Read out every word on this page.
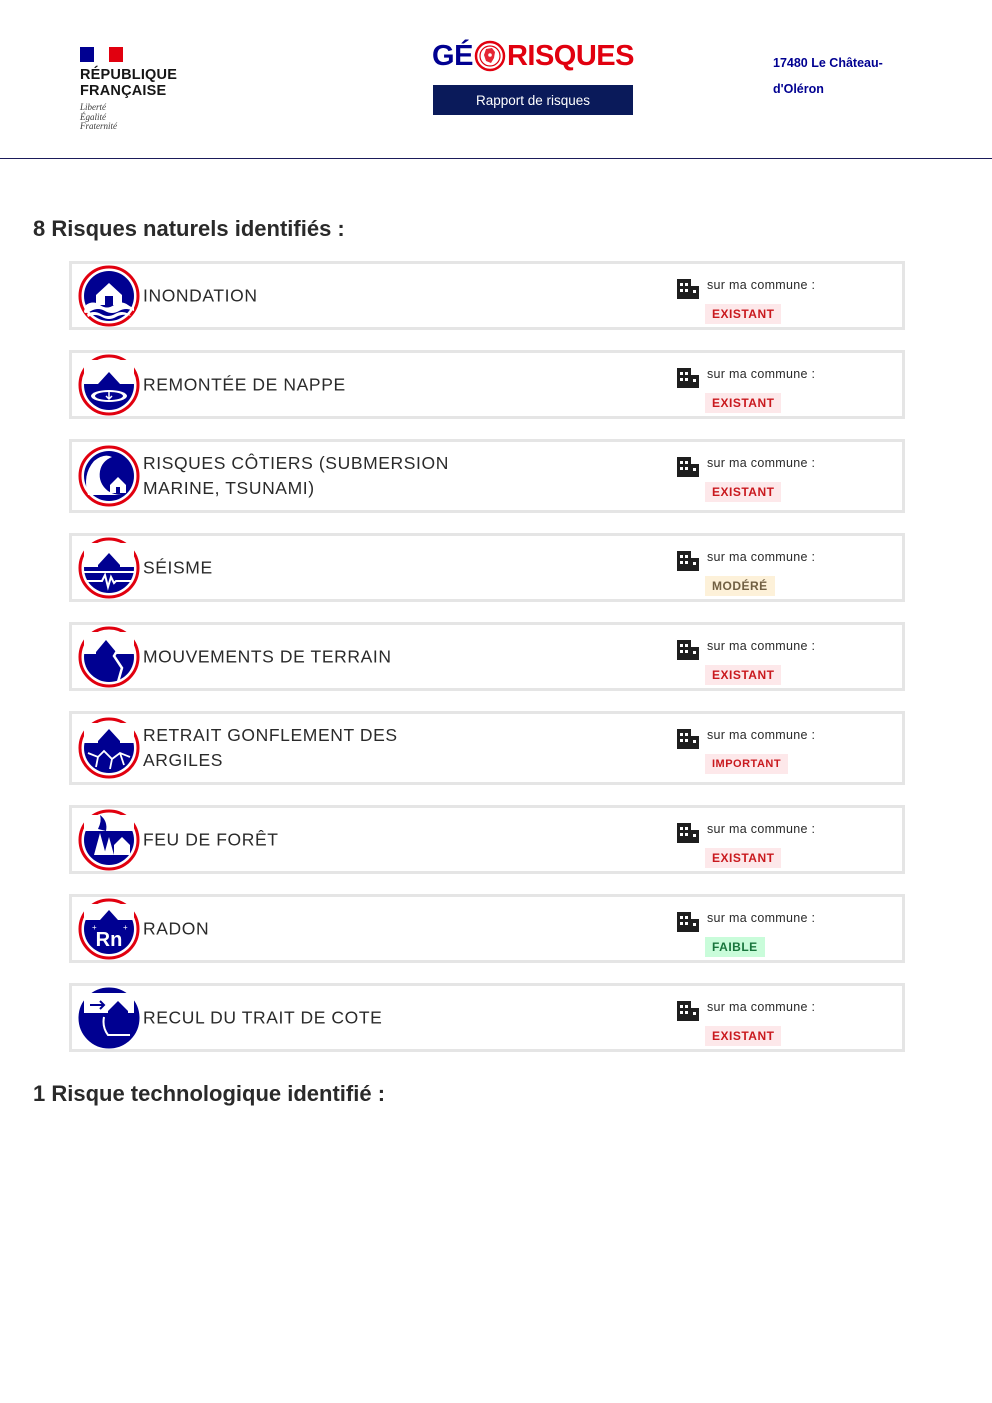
RÉPUBLIQUE
FRANÇAISE
Liberté
Égalité
Fraternité
GÉ RISQUES
Rapport de risques
17480 Le Château-
d'Oléron
8 Risques naturels identifiés :
INONDATION	sur ma commune :
EXISTANT
REMONTÉE DE NAPPE	sur ma commune :
EXISTANT
RISQUES CÔTIERS (SUBMERSION MARINE, TSUNAMI)
sur ma commune :
EXISTANT
SÉISME	sur ma commune :
MODÉRÉ
MOUVEMENTS DE TERRAIN	sur ma commune :
EXISTANT
RETRAIT GONFLEMENT DES ARGILES
sur ma commune :
IMPORTANT
FEU DE FORÊT	sur ma commune :
EXISTANT
Rn
+	+ RADON	sur ma commune :
FAIBLE
RECUL DU TRAIT DE COTE	sur ma commune :
EXISTANT
1 Risque technologique identifié :
